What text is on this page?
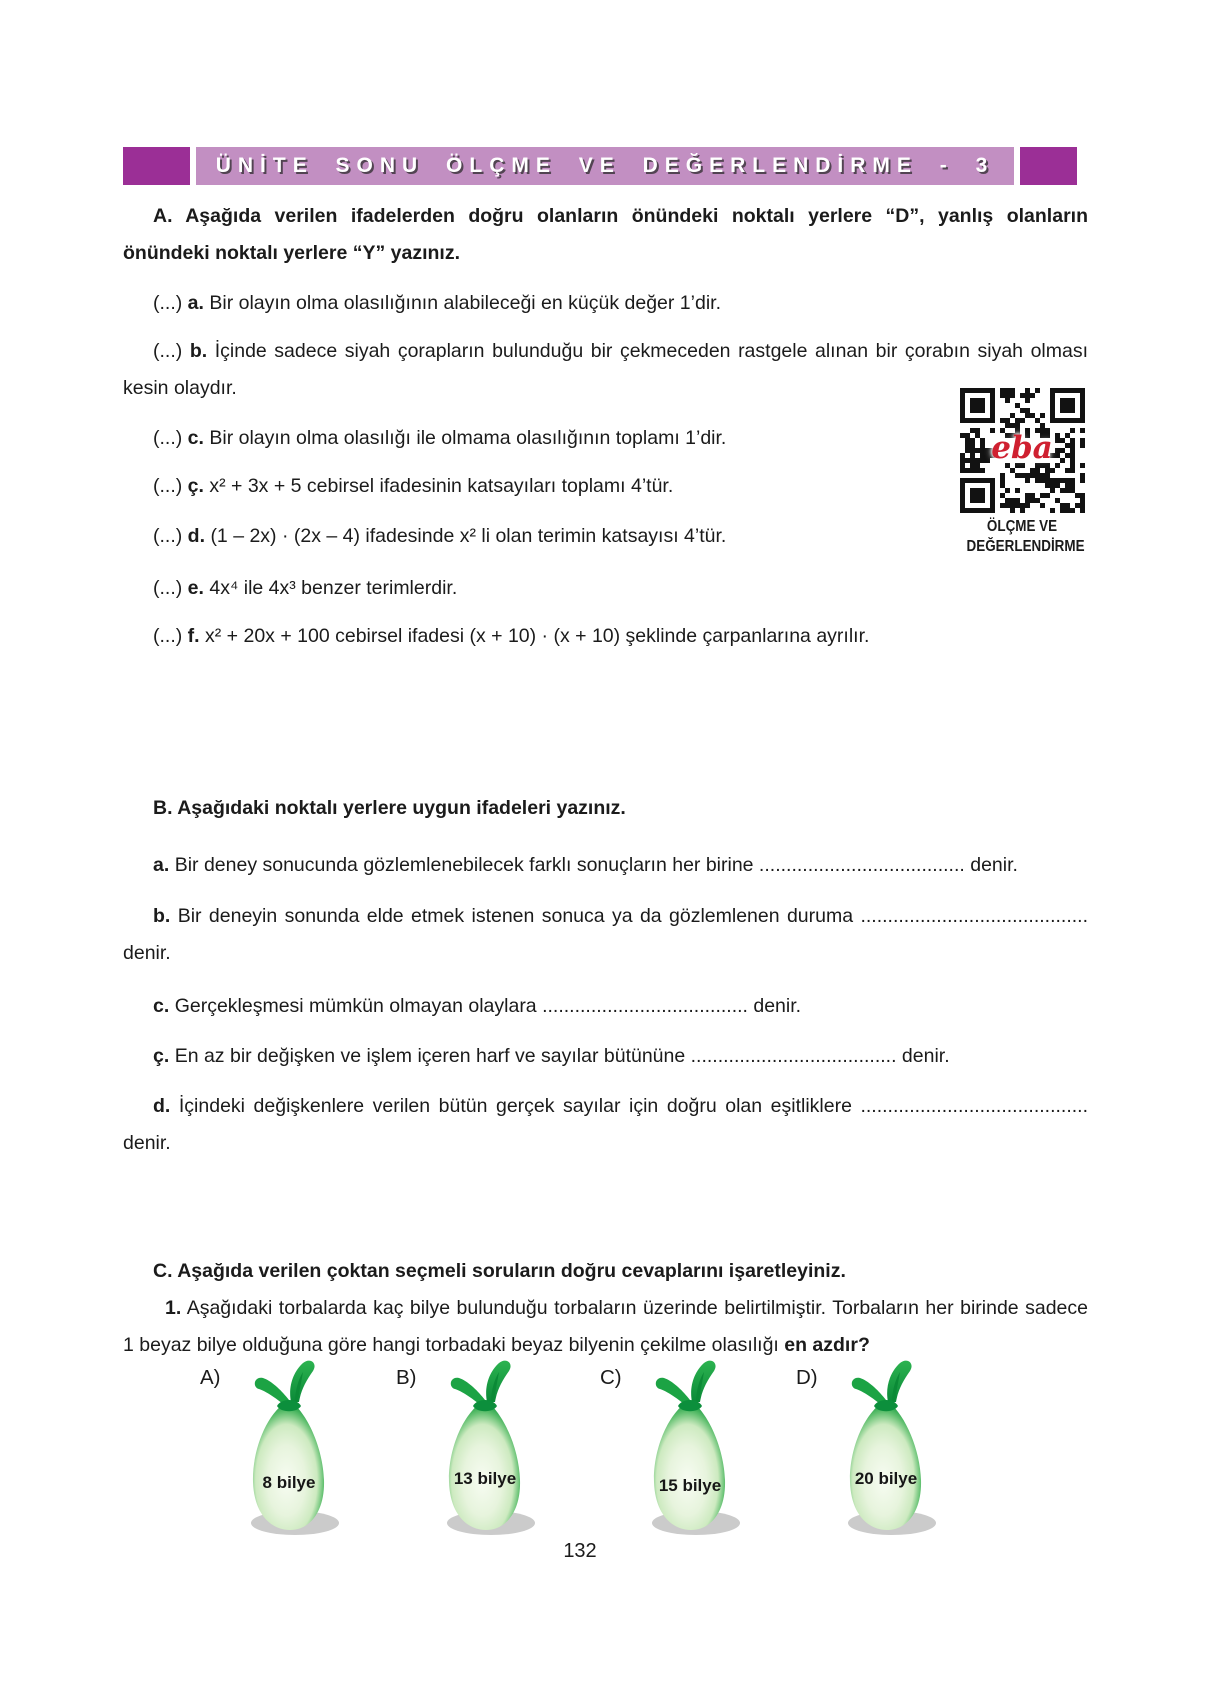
ÜNİTE SONU ÖLÇME VE DEĞERLENDİRME - 3
A. Aşağıda verilen ifadelerden doğru olanların önündeki noktalı yerlere “D”, yanlış olanların önündeki noktalı yerlere “Y” yazınız.
(...) a. Bir olayın olma olasılığının alabileceği en küçük değer 1’dir.
(...) b. İçinde sadece siyah çorapların bulunduğu bir çekmeceden rastgele alınan bir çorabın siyah olması kesin olaydır.
(...) c. Bir olayın olma olasılığı ile olmama olasılığının toplamı 1’dir.
(...) ç. x² + 3x + 5 cebirsel ifadesinin katsayıları toplamı 4’tür.
(...) d. (1 – 2x) · (2x – 4) ifadesinde x² li olan terimin katsayısı 4’tür.
(...) e. 4x⁴ ile 4x³ benzer terimlerdir.
(...) f. x² + 20x + 100 cebirsel ifadesi (x + 10) · (x + 10) şeklinde çarpanlarına ayrılır.
eba
ÖLÇME VE
DEĞERLENDİRME
B. Aşağıdaki noktalı yerlere uygun ifadeleri yazınız.
a. Bir deney sonucunda gözlemlenebilecek farklı sonuçların her birine ...................................... denir.
b. Bir deneyin sonunda elde etmek istenen sonuca ya da gözlemlenen duruma .......................................... denir.
c. Gerçekleşmesi mümkün olmayan olaylara ...................................... denir.
ç. En az bir değişken ve işlem içeren harf ve sayılar bütününe ...................................... denir.
d. İçindeki değişkenlere verilen bütün gerçek sayılar için doğru olan eşitliklere .......................................... denir.
C. Aşağıda verilen çoktan seçmeli soruların doğru cevaplarını işaretleyiniz.
1. Aşağıdaki torbalarda kaç bilye bulunduğu torbaların üzerinde belirtilmiştir. Torbaların her birinde sadece 1 beyaz bilye olduğuna göre hangi torbadaki beyaz bilyenin çekilme olasılığı en azdır?
A)
8 bilye
B)
13 bilye
C)
15 bilye
D)
20 bilye
132
